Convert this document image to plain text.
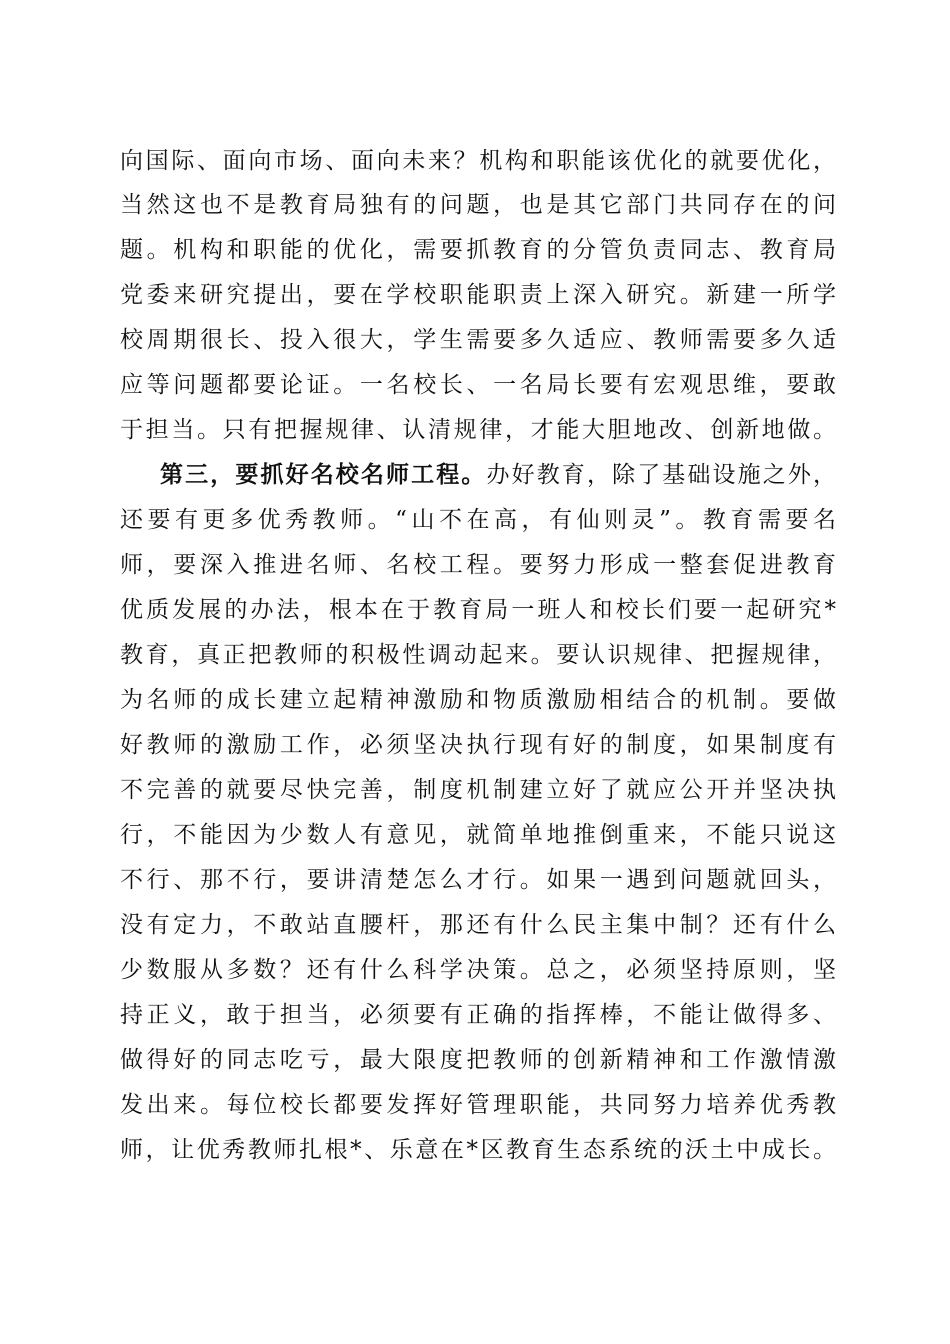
向国际、面向市场、面向未来？机构和职能该优化的就要优化，
当然这也不是教育局独有的问题，也是其它部门共同存在的问
题。机构和职能的优化，需要抓教育的分管负责同志、教育局
党委来研究提出，要在学校职能职责上深入研究。新建一所学
校周期很长、投入很大，学生需要多久适应、教师需要多久适
应等问题都要论证。一名校长、一名局长要有宏观思维，要敢
于担当。只有把握规律、认清规律，才能大胆地改、创新地做。
第三，要抓好名校名师工程。办好教育，除了基础设施之外，
还要有更多优秀教师。“山不在高，有仙则灵”。教育需要名
师，要深入推进名师、名校工程。要努力形成一整套促进教育
优质发展的办法，根本在于教育局一班人和校长们要一起研究*
教育，真正把教师的积极性调动起来。要认识规律、把握规律，
为名师的成长建立起精神激励和物质激励相结合的机制。要做
好教师的激励工作，必须坚决执行现有好的制度，如果制度有
不完善的就要尽快完善，制度机制建立好了就应公开并坚决执
行，不能因为少数人有意见，就简单地推倒重来，不能只说这
不行、那不行，要讲清楚怎么才行。如果一遇到问题就回头，
没有定力，不敢站直腰杆，那还有什么民主集中制？还有什么
少数服从多数？还有什么科学决策。总之，必须坚持原则，坚
持正义，敢于担当，必须要有正确的指挥棒，不能让做得多、
做得好的同志吃亏，最大限度把教师的创新精神和工作激情激
发出来。每位校长都要发挥好管理职能，共同努力培养优秀教
师，让优秀教师扎根*、乐意在*区教育生态系统的沃土中成长。
